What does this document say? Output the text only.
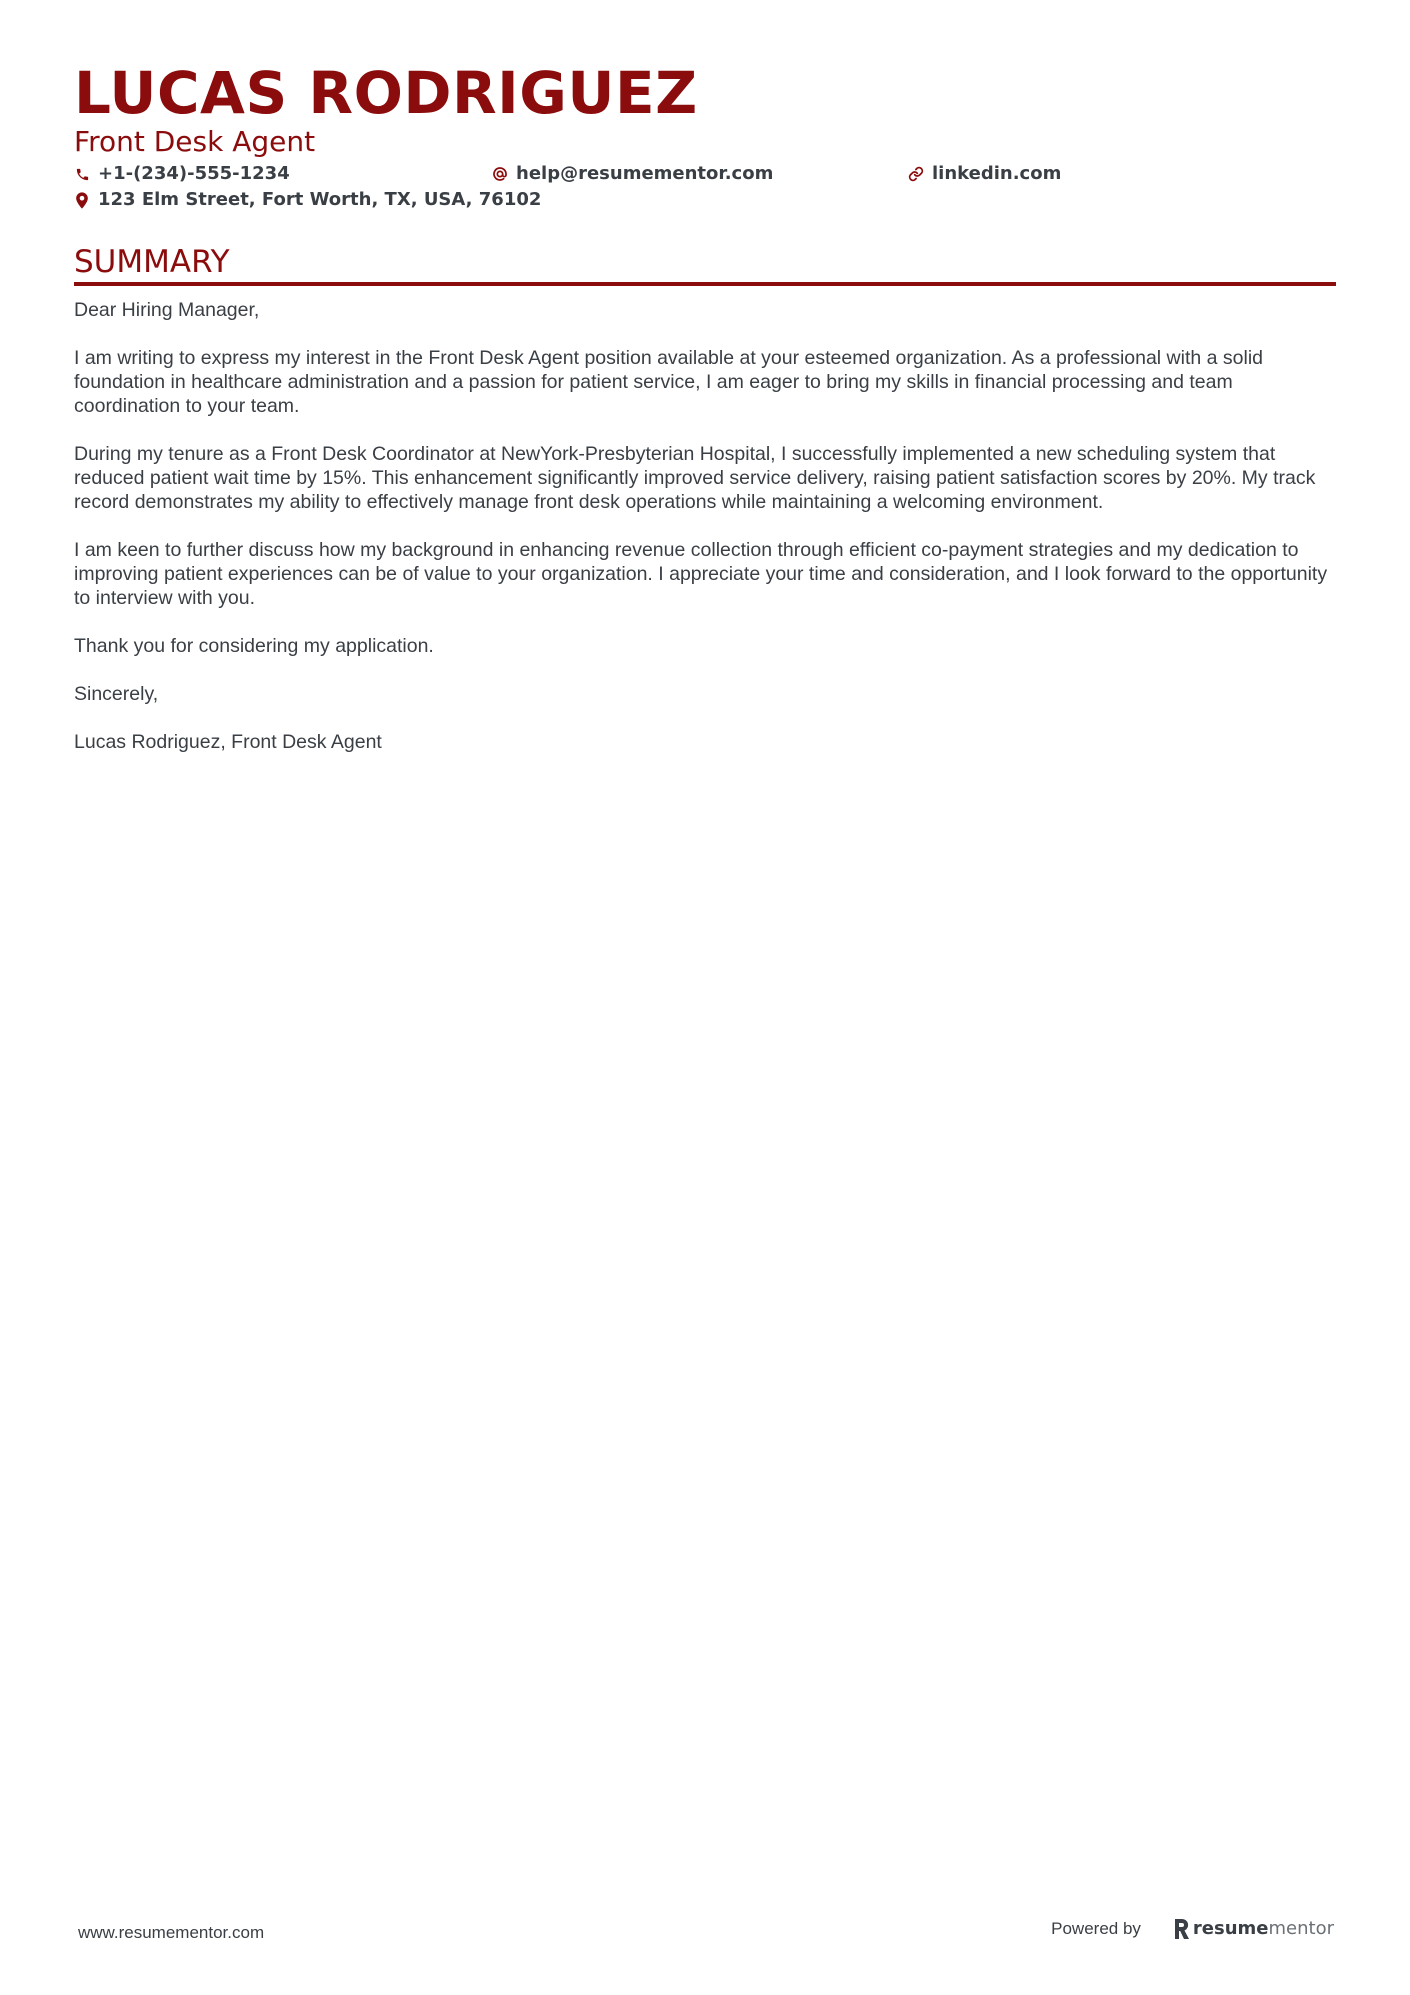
LUCAS RODRIGUEZ
Front Desk Agent
+1-(234)-555-1234	help@resumementor.com	linkedin.com
123 Elm Street, Fort Worth, TX, USA, 76102
SUMMARY

Dear Hiring Manager,

I am writing to express my interest in the Front Desk Agent position available at your esteemed organization. As a professional with a solid foundation in healthcare administration and a passion for patient service, I am eager to bring my skills in financial processing and team coordination to your team.

During my tenure as a Front Desk Coordinator at NewYork-Presbyterian Hospital, I successfully implemented a new scheduling system that reduced patient wait time by 15%. This enhancement significantly improved service delivery, raising patient satisfaction scores by 20%. My track record demonstrates my ability to effectively manage front desk operations while maintaining a welcoming environment.

I am keen to further discuss how my background in enhancing revenue collection through efficient co-payment strategies and my dedication to improving patient experiences can be of value to your organization. I appreciate your time and consideration, and I look forward to the opportunity to interview with you.

Thank you for considering my application.

Sincerely,

Lucas Rodriguez, Front Desk Agent

www.resumementor.com	Powered by	resume mentor
